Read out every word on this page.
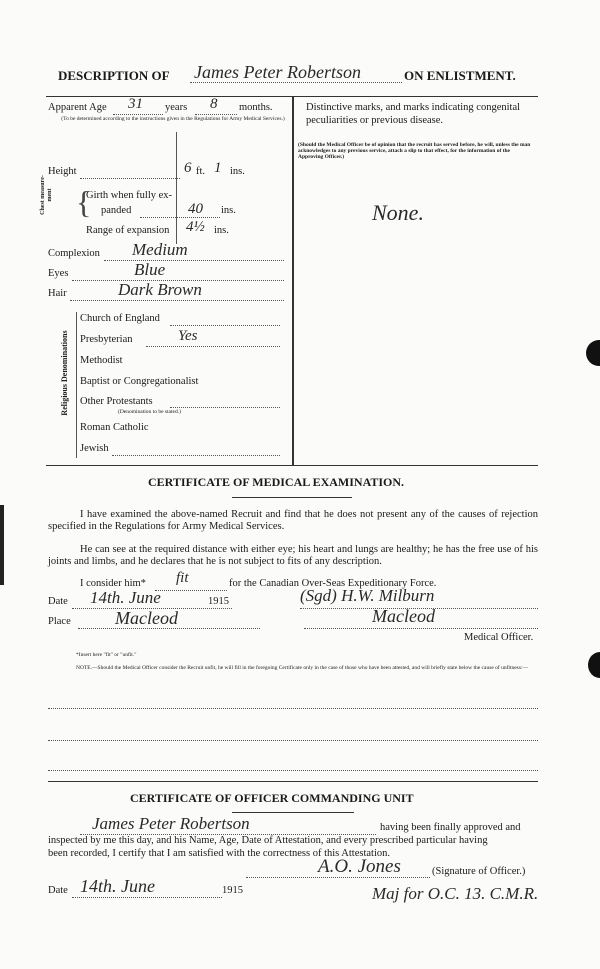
DESCRIPTION OF James Peter Robertson	ON ENLISTMENT.
Apparent Age 31 years 8 months.
(To be determined according to the instructions given in the Regulations for Army Medical Services.)
Height	6 ft. 1 ins.
Chest measure-ment {
Girth when fully ex-
panded	40 ins.
Range of expansion 4½ ins.
Complexion Medium
Eyes	Blue
Hair	Dark Brown
Religious Denominations
Church of England
Presbyterian	Yes
Methodist
Baptist or Congregationalist
Other Protestants
(Denomination to be stated.)
Roman Catholic
Jewish
Distinctive marks, and marks indicating congenital peculiarities or previous disease.
(Should the Medical Officer be of opinion that the recruit has served before, he will, unless the man acknowledges to any previous service, attach a slip to that effect, for the information of the Approving Officer.)
None.
CERTIFICATE OF MEDICAL EXAMINATION.
I have examined the above-named Recruit and find that he does not present any of the causes of rejection specified in the Regulations for Army Medical Services.
He can see at the required distance with either eye; his heart and lungs are healthy; he has the free use of his joints and limbs, and he declares that he is not subject to fits of any description.
I consider him* fit	for the Canadian Over-Seas Expeditionary Force.
Date 14th. June	1915	(Sgd) H.W. Milburn
Place Macleod	Macleod
Medical Officer.
*Insert here "fit" or "unfit."
NOTE.—Should the Medical Officer consider the Recruit unfit, he will fill in the foregoing Certificate only in the case of those who have been attested, and will briefly state below the cause of unfitness:—
CERTIFICATE OF OFFICER COMMANDING UNIT
James Peter Robertson	having been finally approved and
inspected by me this day, and his Name, Age, Date of Attestation, and every prescribed particular having
been recorded, I certify that I am satisfied with the correctness of this Attestation.
A.O. Jones	(Signature of Officer.)
Date 14th. June	1915	Maj for O.C. 13. C.M.R.
